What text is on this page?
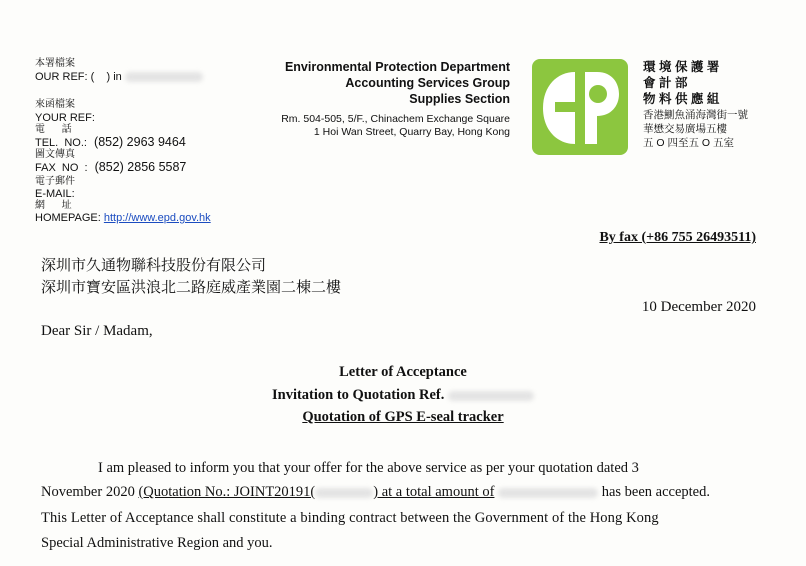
本署檔案
OUR REF: (    ) in
來函檔案
YOUR REF:
電      話
TEL.  NO.: (852) 2963 9464
圖文傳真
FAX  NO  : (852) 2856 5587
電子郵件
E-MAIL:
網      址
HOMEPAGE: http://www.epd.gov.hk
Environmental Protection Department
Accounting Services Group
Supplies Section
Rm. 504-505, 5/F., Chinachem Exchange Square
1 Hoi Wan Street, Quarry Bay, Hong Kong
環 境 保 護 署
會 計 部
物 料 供 應 組
香港鰂魚涌海灣街一號
華懋交易廣場五樓
五 O 四至五 O 五室
By fax (+86 755 26493511)
深圳市久通物聯科技股份有限公司
深圳市寶安區洪浪北二路庭威產業園二棟二樓
10 December 2020
Dear Sir / Madam,
Letter of Acceptance
Invitation to Quotation Ref.
Quotation of GPS E-seal tracker
I am pleased to inform you that your offer for the above service as per your quotation dated 3
November 2020 (Quotation No.: JOINT20191(	) at a total amount of	has been accepted.
This Letter of Acceptance shall constitute a binding contract between the Government of the Hong Kong
Special Administrative Region and you.
